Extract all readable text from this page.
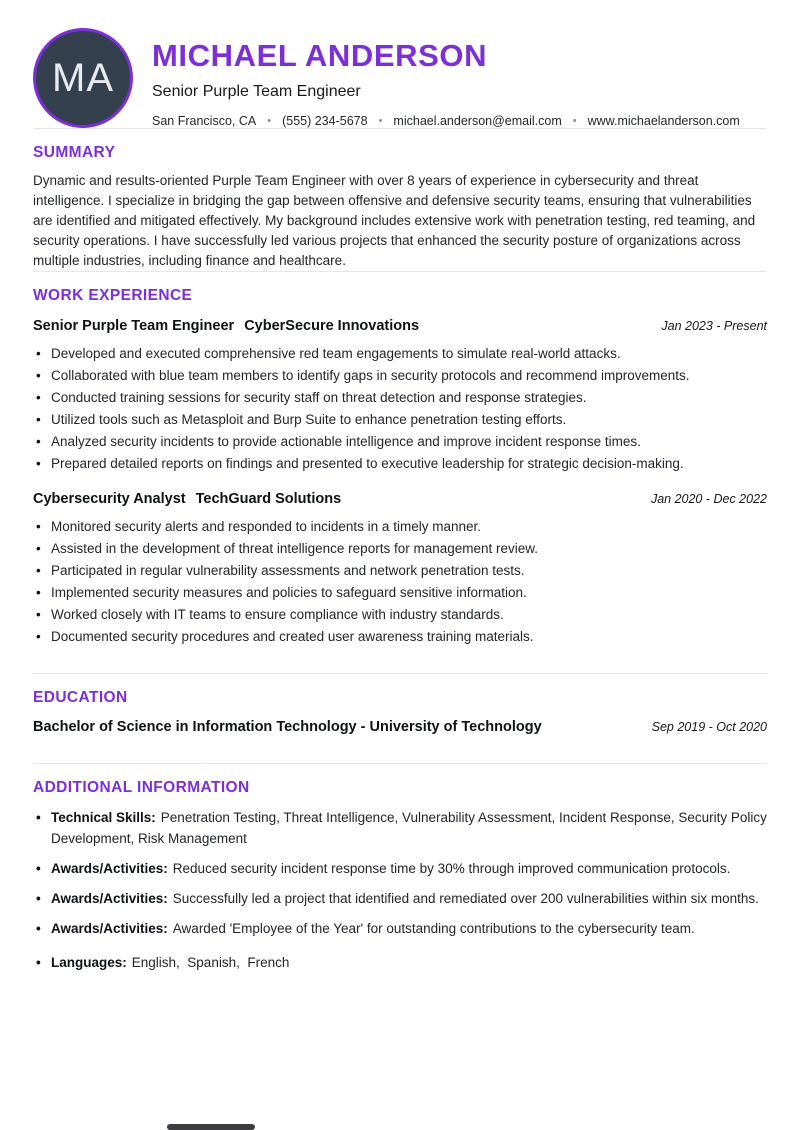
MA MICHAEL ANDERSON
Senior Purple Team Engineer
San Francisco, CA • (555) 234-5678 • michael.anderson@email.com • www.michaelanderson.com
SUMMARY

Dynamic and results-oriented Purple Team Engineer with over 8 years of experience in cybersecurity and threat intelligence. I specialize in bridging the gap between offensive and defensive security teams, ensuring that vulnerabilities are identified and mitigated effectively. My background includes extensive work with penetration testing, red teaming, and security operations. I have successfully led various projects that enhanced the security posture of organizations across multiple industries, including finance and healthcare.

WORK EXPERIENCE
Senior Purple Team Engineer CyberSecure Innovations	Jan 2023 - Present
• Developed and executed comprehensive red team engagements to simulate real-world attacks.
• Collaborated with blue team members to identify gaps in security protocols and recommend improvements.
• Conducted training sessions for security staff on threat detection and response strategies.
• Utilized tools such as Metasploit and Burp Suite to enhance penetration testing efforts.
• Analyzed security incidents to provide actionable intelligence and improve incident response times.
• Prepared detailed reports on findings and presented to executive leadership for strategic decision-making.
Cybersecurity Analyst TechGuard Solutions	Jan 2020 - Dec 2022
• Monitored security alerts and responded to incidents in a timely manner.
• Assisted in the development of threat intelligence reports for management review.
• Participated in regular vulnerability assessments and network penetration tests.
• Implemented security measures and policies to safeguard sensitive information.
• Worked closely with IT teams to ensure compliance with industry standards.
• Documented security procedures and created user awareness training materials.
EDUCATION
Bachelor of Science in Information Technology - University of Technology	Sep 2019 - Oct 2020
ADDITIONAL INFORMATION
• Technical Skills: Penetration Testing, Threat Intelligence, Vulnerability Assessment, Incident Response, Security Policy Development, Risk Management
• Awards/Activities: Reduced security incident response time by 30% through improved communication protocols.
• Awards/Activities: Successfully led a project that identified and remediated over 200 vulnerabilities within six months.
• Awards/Activities: Awarded 'Employee of the Year' for outstanding contributions to the cybersecurity team.
• Languages: English,  Spanish,  French
